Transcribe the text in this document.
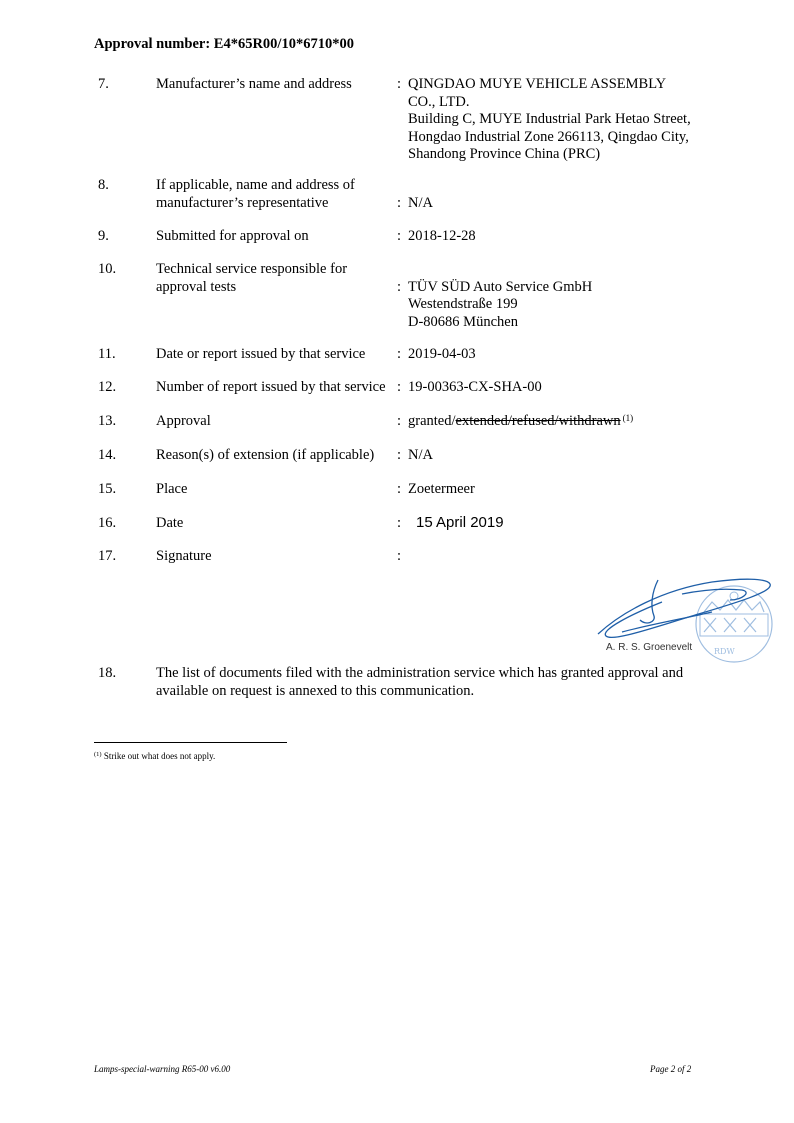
Approval number: E4*65R00/10*6710*00
7.	Manufacturer’s name and address	: QINGDAO MUYE VEHICLE ASSEMBLY
CO., LTD.
Building C, MUYE Industrial Park Hetao Street,
Hongdao Industrial Zone 266113, Qingdao City,
Shandong Province China (PRC)
8.	If applicable, name and address of
manufacturer’s representative	: N/A
9.	Submitted for approval on	: 2018-12-28
10.	Technical service responsible for
approval tests	: TÜV SÜD Auto Service GmbH
Westendstraße 199
D-80686 München
11.	Date or report issued by that service	: 2019-04-03
12.	Number of report issued by that service : 19-00363-CX-SHA-00
13.	Approval	: granted/extended/refused/withdrawn $^{(1)}$
14.	Reason(s) of extension (if applicable)	: N/A
15.	Place	: Zoetermeer
16.	Date	: 15 April 2019
17.	Signature	:
RDW
A. R. S. Groenevelt
18.	The list of documents filed with the administration service which has granted approval and available on request is annexed to this communication.
$^{(1)}$ Strike out what does not apply.
Lamps-special-warning R65-00 v6.00	Page 2 of 2
